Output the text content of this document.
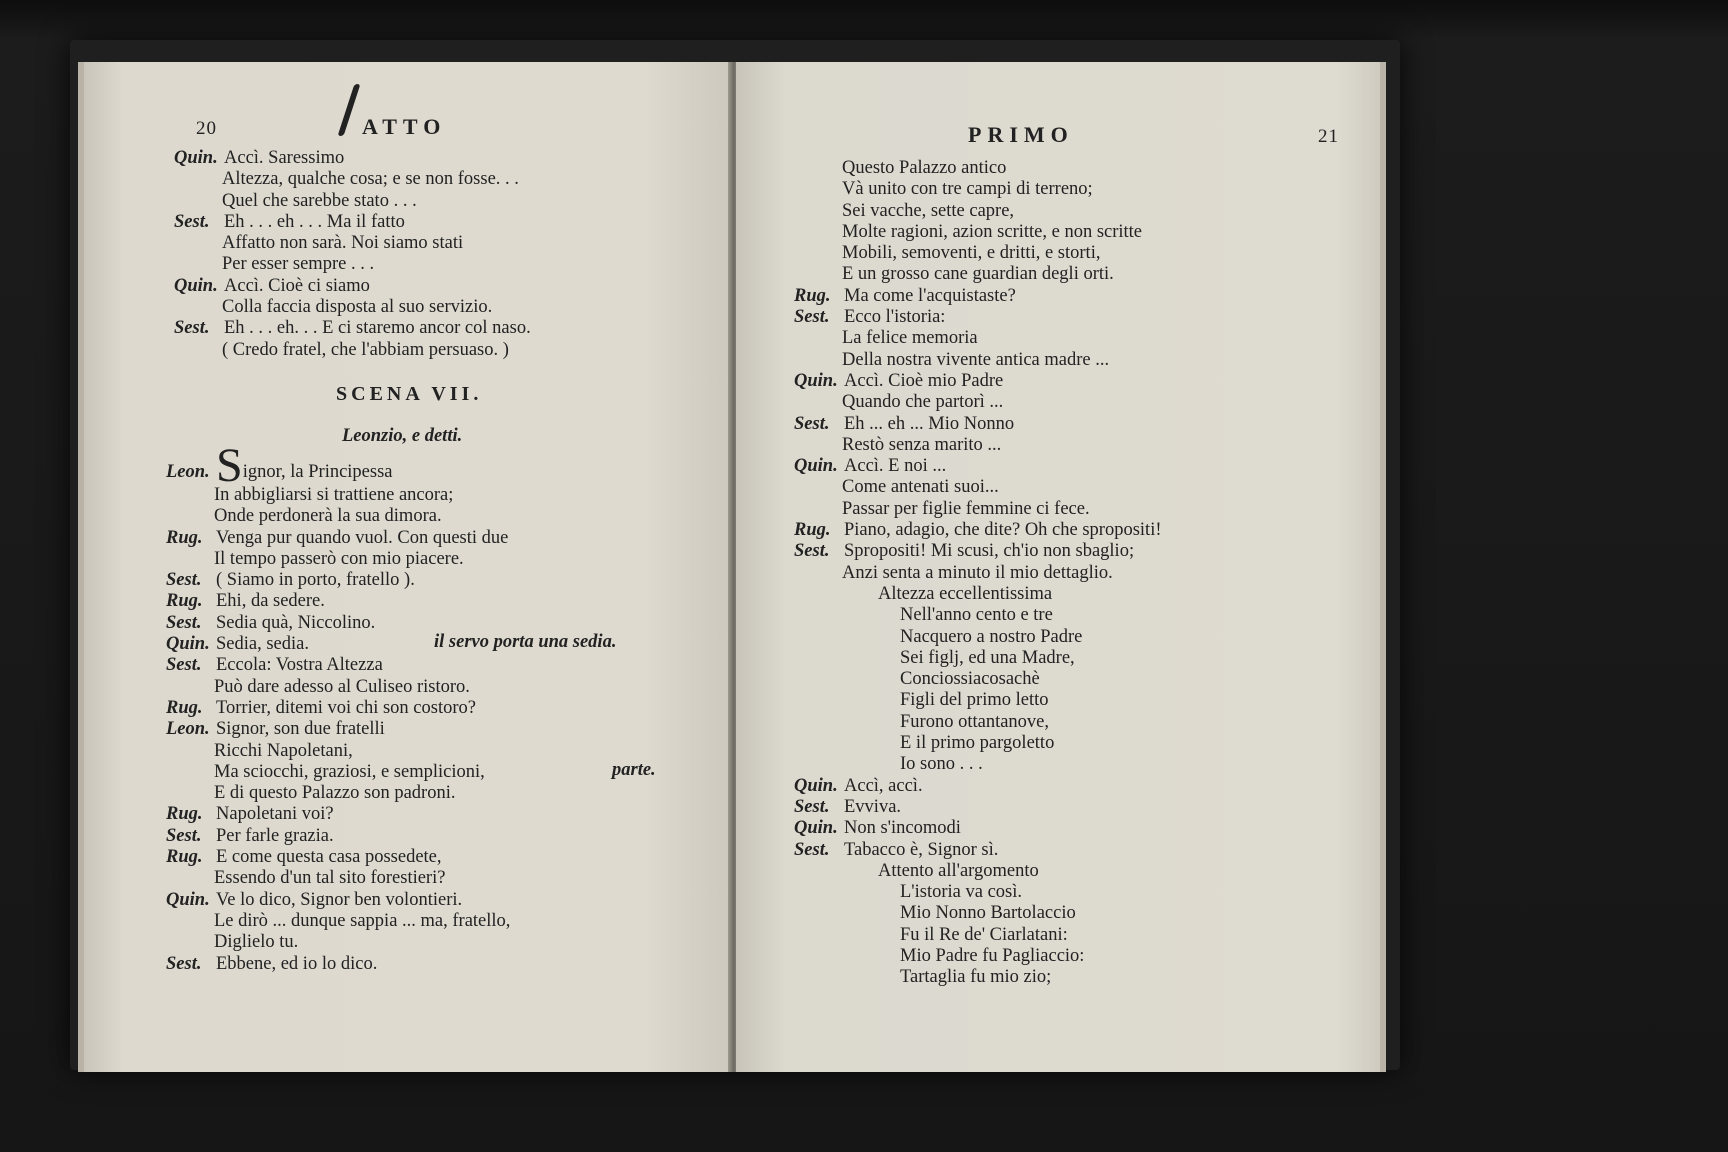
20	ATTO
Quin. Accì. Saressimo
Altezza, qualche cosa; e se non fosse. . .
Quel che sarebbe stato . . .
Sest. Eh . . . eh . . . Ma il fatto
Affatto non sarà. Noi siamo stati
Per esser sempre . . .
Quin. Accì. Cioè ci siamo
Colla faccia disposta al suo servizio.
Sest. Eh . . . eh. . . E ci staremo ancor col naso.
( Credo fratel, che l'abbiam persuaso. )
SCENA VII.
Leonzio, e detti.
Leon. Signor, la Principessa
In abbigliarsi si trattiene ancora;
Onde perdonerà la sua dimora.
Rug. Venga pur quando vuol. Con questi due
Il tempo passerò con mio piacere.
Sest. ( Siamo in porto, fratello ).
Rug. Ehi, da sedere.
Sest. Sedia quà, Niccolino.
Quin. Sedia, sedia.
Sest. Eccola: Vostra Altezza
Può dare adesso al Culiseo ristoro.
Rug. Torrier, ditemi voi chi son costoro?
Leon. Signor, son due fratelli
Ricchi Napoletani,
Ma sciocchi, graziosi, e semplicioni,
E di questo Palazzo son padroni.
Rug. Napoletani voi?
Sest. Per farle grazia.
Rug. E come questa casa possedete,
Essendo d'un tal sito forestieri?
Quin. Ve lo dico, Signor ben volontieri.
Le dirò ... dunque sappia ... ma, fratello,
Diglielo tu.
Sest. Ebbene, ed io lo dico.
il servo porta una sedia.
parte.
PRIMO	21
Questo Palazzo antico
Và unito con tre campi di terreno;
Sei vacche, sette capre,
Molte ragioni, azion scritte, e non scritte
Mobili, semoventi, e dritti, e storti,
E un grosso cane guardian degli orti.
Rug. Ma come l'acquistaste?
Sest. Ecco l'istoria:
La felice memoria
Della nostra vivente antica madre ...
Quin. Accì. Cioè mio Padre
Quando che partorì ...
Sest. Eh ... eh ... Mio Nonno
Restò senza marito ...
Quin. Accì. E noi ...
Come antenati suoi...
Passar per figlie femmine ci fece.
Rug. Piano, adagio, che dite? Oh che spropositi!
Sest. Spropositi! Mi scusi, ch'io non sbaglio;
Anzi senta a minuto il mio dettaglio.
Altezza eccellentissima
Nell'anno cento e tre
Nacquero a nostro Padre
Sei figlj, ed una Madre,
Conciossiacosachè
Figli del primo letto
Furono ottantanove,
E il primo pargoletto
Io sono . . .
Quin. Accì, accì.
Sest. Evviva.
Quin. Non s'incomodi
Sest. Tabacco è, Signor sì.
Attento all'argomento
L'istoria va così.
Mio Nonno Bartolaccio
Fu il Re de' Ciarlatani:
Mio Padre fu Pagliaccio:
Tartaglia fu mio zio;
